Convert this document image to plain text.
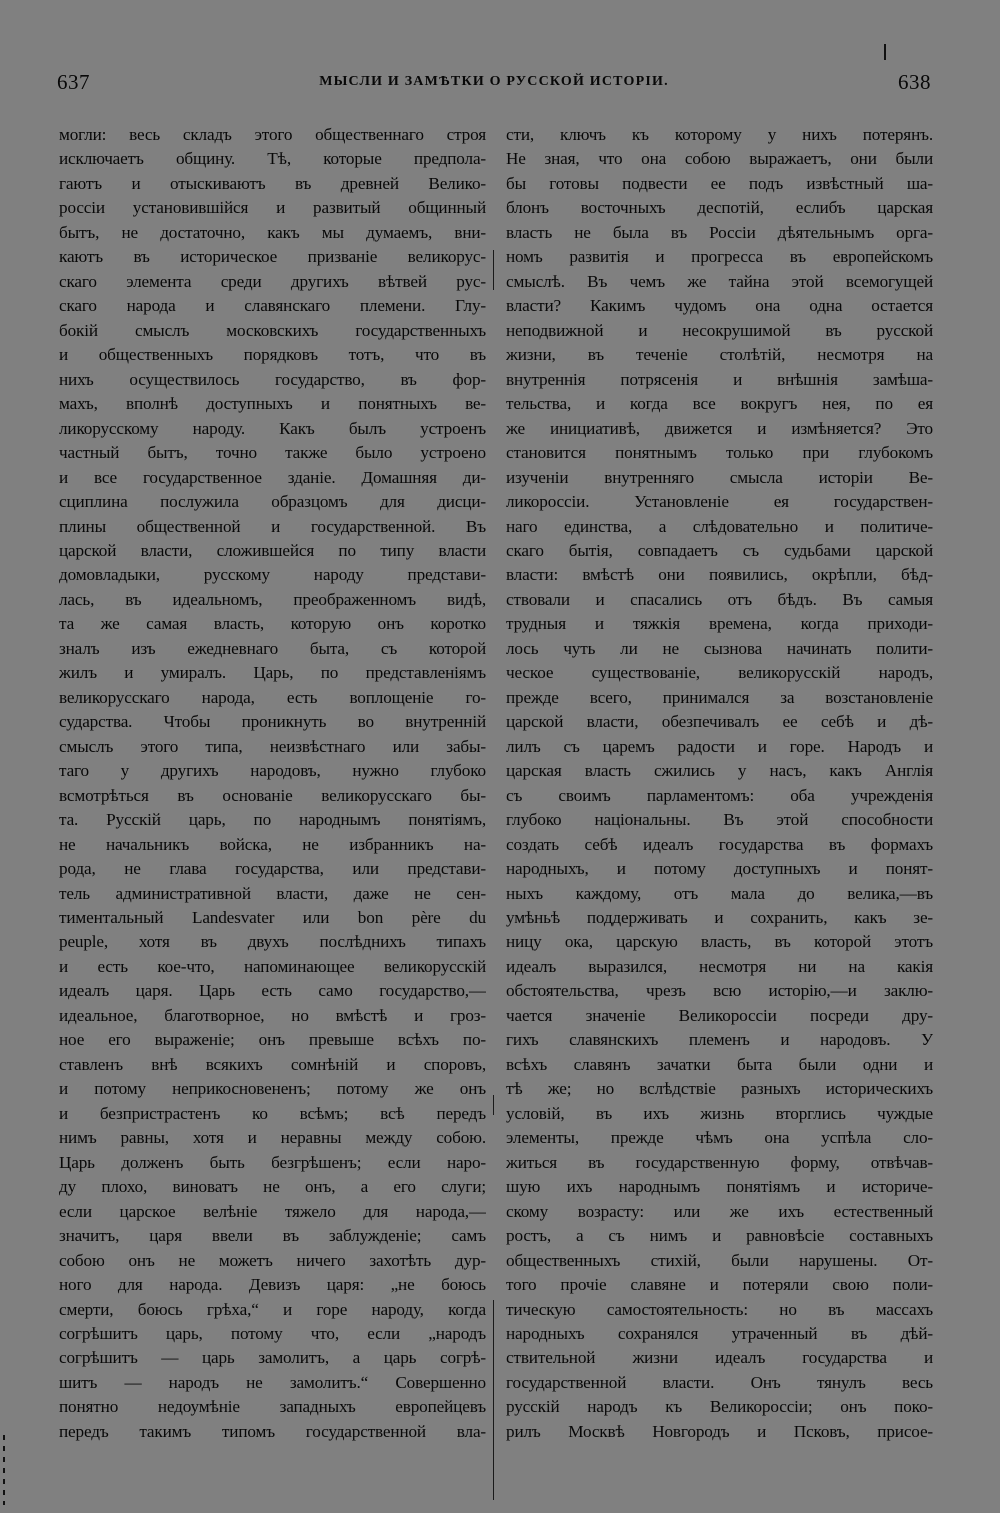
637	МЫСЛИ И ЗАМѢТКИ О РУССКОЙ ИСТОРІИ.	638
могли: весь складъ этого общественнаго строя
исключаетъ общину. Тѣ, которые предпола-
гаютъ и отыскиваютъ въ древней Велико-
россіи установившійся и развитый общинный
бытъ, не достаточно, какъ мы думаемъ, вни-
каютъ въ историческое призваніе великорус-
скаго элемента среди другихъ вѣтвей рус-
скаго народа и славянскаго племени. Глу-
бокій смыслъ московскихъ государственныхъ
и общественныхъ порядковъ тотъ, что въ
нихъ осуществилось государство, въ фор-
махъ, вполнѣ доступныхъ и понятныхъ ве-
ликорусскому народу. Какъ былъ устроенъ
частный бытъ, точно также было устроено
и все государственное зданіе. Домашняя ди-
сциплина послужила образцомъ для дисци-
плины общественной и государственной. Въ
царской власти, сложившейся по типу власти
домовладыки, русскому народу представи-
лась, въ идеальномъ, преображенномъ видѣ,
та же самая власть, которую онъ коротко
зналъ изъ ежедневнаго быта, съ которой
жилъ и умиралъ. Царь, по представленіямъ
великорусскаго народа, есть воплощеніе го-
сударства. Чтобы проникнуть во внутренній
смыслъ этого типа, неизвѣстнаго или забы-
таго у другихъ народовъ, нужно глубоко
всмотрѣться въ основаніе великорусскаго бы-
та. Русскій царь, по народнымъ понятіямъ,
не начальникъ войска, не избранникъ на-
рода, не глава государства, или представи-
тель административной власти, даже не сен-
тиментальный Landesvater или bon père du
peuple, хотя въ двухъ послѣднихъ типахъ
и есть кое-что, напоминающее великорусскій
идеалъ царя. Царь есть само государство,—
идеальное, благотворное, но вмѣстѣ и гроз-
ное его выраженіе; онъ превыше всѣхъ по-
ставленъ внѣ всякихъ сомнѣній и споровъ,
и потому неприкосновененъ; потому же онъ
и безпристрастенъ ко всѣмъ; всѣ передъ
нимъ равны, хотя и неравны между собою.
Царь долженъ быть безгрѣшенъ; если наро-
ду плохо, виноватъ не онъ, а его слуги;
если царское велѣніе тяжело для народа,—
значитъ, царя ввели въ заблужденіе; самъ
собою онъ не можетъ ничего захотѣть дур-
ного для народа. Девизъ царя: „не боюсь
смерти, боюсь грѣха,“ и горе народу, когда
согрѣшитъ царь, потому что, если „народъ
согрѣшитъ — царь замолитъ, а царь согрѣ-
шитъ — народъ не замолитъ.“ Совершенно
понятно недоумѣніе западныхъ европейцевъ
передъ такимъ типомъ государственной вла-
сти, ключъ къ которому у нихъ потерянъ.
Не зная, что она собою выражаетъ, они были
бы готовы подвести ее подъ извѣстный ша-
блонъ восточныхъ деспотій, еслибъ царская
власть не была въ Россіи дѣятельнымъ орга-
номъ развитія и прогресса въ европейскомъ
смыслѣ. Въ чемъ же тайна этой всемогущей
власти? Какимъ чудомъ она одна остается
неподвижной и несокрушимой въ русской
жизни, въ теченіе столѣтій, несмотря на
внутреннія потрясенія и внѣшнія замѣша-
тельства, и когда все вокругъ нея, по ея
же инициативѣ, движется и измѣняется? Это
становится понятнымъ только при глубокомъ
изученіи внутренняго смысла исторіи Ве-
ликороссіи. Установленіе ея государствен-
наго единства, а слѣдовательно и политиче-
скаго бытія, совпадаетъ съ судьбами царской
власти: вмѣстѣ они появились, окрѣпли, бѣд-
ствовали и спасались отъ бѣдъ. Въ самыя
трудныя и тяжкія времена, когда приходи-
лось чуть ли не сызнова начинать полити-
ческое существованіе, великорусскій народъ,
прежде всего, принимался за возстановленіе
царской власти, обезпечивалъ ее себѣ и дѣ-
лилъ съ царемъ радости и горе. Народъ и
царская власть сжились у насъ, какъ Англія
съ своимъ парламентомъ: оба учрежденія
глубоко національны. Въ этой способности
создать себѣ идеалъ государства въ формахъ
народныхъ, и потому доступныхъ и понят-
ныхъ каждому, отъ мала до велика,—въ
умѣньѣ поддерживать и сохранить, какъ зе-
ницу ока, царскую власть, въ которой этотъ
идеалъ выразился, несмотря ни на какія
обстоятельства, чрезъ всю исторію,—и заклю-
чается значеніе Великороссіи посреди дру-
гихъ славянскихъ племенъ и народовъ. У
всѣхъ славянъ зачатки быта были одни и
тѣ же; но вслѣдствіе разныхъ историческихъ
условій, въ ихъ жизнь вторглись чуждые
элементы, прежде чѣмъ она успѣла сло-
житься въ государственную форму, отвѣчав-
шую ихъ народнымъ понятіямъ и историче-
скому возрасту: или же ихъ естественный
ростъ, а съ нимъ и равновѣсіе составныхъ
общественныхъ стихій, были нарушены. От-
того прочіе славяне и потеряли свою поли-
тическую самостоятельность: но въ массахъ
народныхъ сохранялся утраченный въ дѣй-
ствительной жизни идеалъ государства и
государственной власти. Онъ тянулъ весь
русскій народъ къ Великороссіи; онъ поко-
рилъ Москвѣ Новгородъ и Псковъ, присое-
